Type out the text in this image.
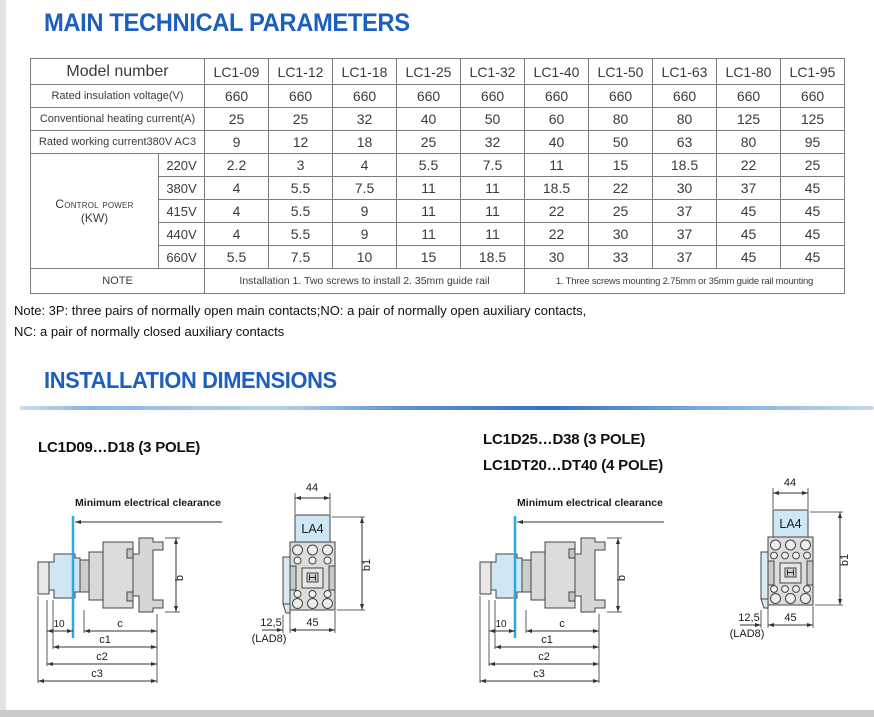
MAIN TECHNICAL PARAMETERS
Model number		LC1-09	LC1-12	LC1-18	LC1-25	LC1-32	LC1-40	LC1-50	LC1-63	LC1-80	LC1-95
Rated insulation voltage(V)		660	660	660	660	660	660	660	660	660	660
Conventional heating current(A)		25	25	32	40	50	60	80	80	125	125
Rated working current380V AC3		9	12	18	25	32	40	50	63	80	95

Control power
(KW)	220V	2.2	3	4	5.5	7.5	11	15	18.5	22	25
	380V	4	5.5	7.5	11	11	18.5	22	30	37	45
	415V	4	5.5	9	11	11	22	25	37	45	45
	440V	4	5.5	9	11	11	22	30	37	45	45
	660V	5.5	7.5	10	15	18.5	30	33	37	45	45
NOTE		Installation 1. Two screws to install 2. 35mm guide rail					1. Three screws mounting 2.75mm or 35mm guide rail mounting				
Note: 3P: three pairs of normally open main contacts;NO: a pair of normally open auxiliary contacts,
NC: a pair of normally closed auxiliary contacts
INSTALLATION DIMENSIONS
LC1D09…D18 (3 POLE)	LC1D25…D38 (3 POLE)
LC1DT20…DT40 (4 POLE)
Minimum electrical clearance
b
10	c
c1
c2
c3
44
LA4
b1
45
12,5
(LAD8)
Minimum electrical clearance
b
10	c
c1
c2
c3
44
LA4
b1
45
12,5
(LAD8)
